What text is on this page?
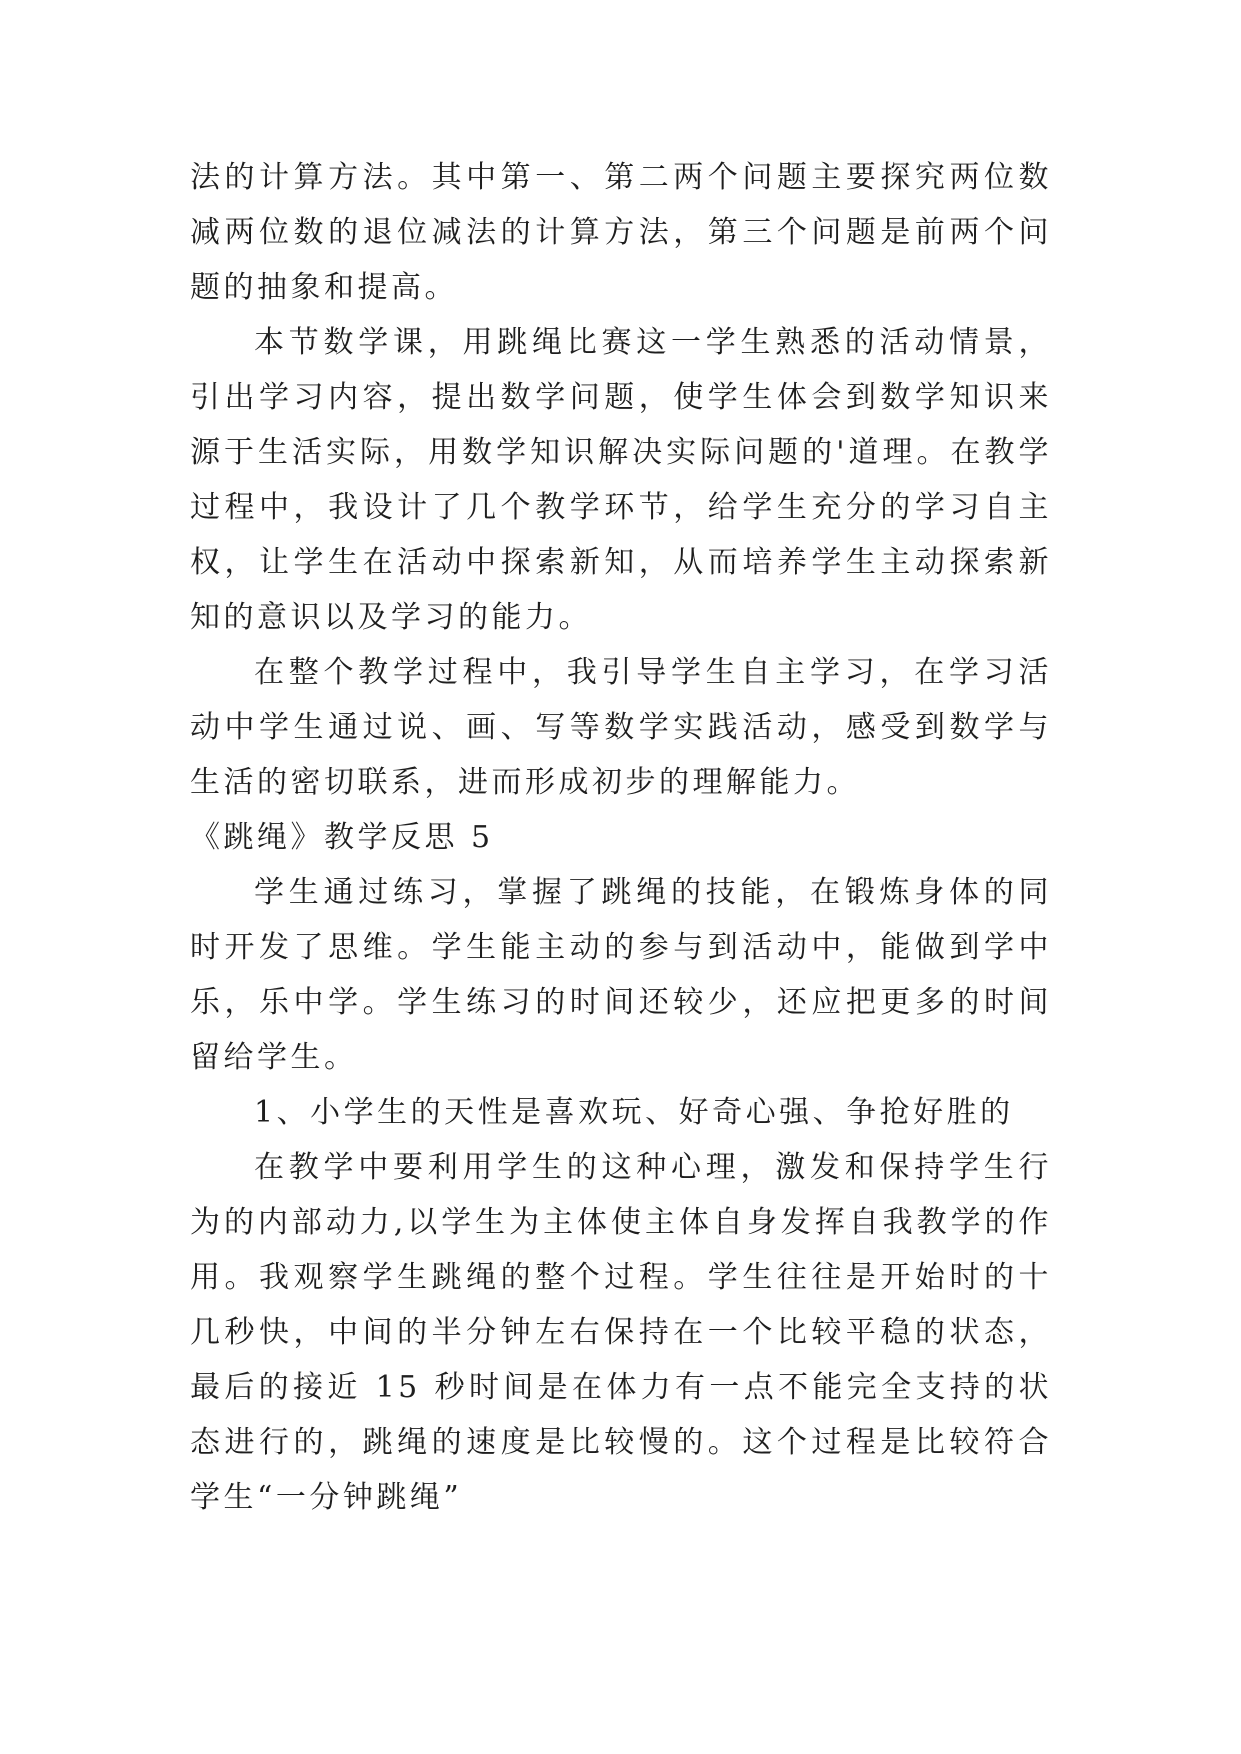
法的计算方法。其中第一、第二两个问题主要探究两位数减两位数的退位减法的计算方法，第三个问题是前两个问题的抽象和提高。

本节数学课，用跳绳比赛这一学生熟悉的活动情景，引出学习内容，提出数学问题，使学生体会到数学知识来源于生活实际，用数学知识解决实际问题的'道理。在教学过程中，我设计了几个教学环节，给学生充分的学习自主权，让学生在活动中探索新知，从而培养学生主动探索新知的意识以及学习的能力。

在整个教学过程中，我引导学生自主学习，在学习活动中学生通过说、画、写等数学实践活动，感受到数学与生活的密切联系，进而形成初步的理解能力。

《跳绳》教学反思 5

学生通过练习，掌握了跳绳的技能，在锻炼身体的同时开发了思维。学生能主动的参与到活动中，能做到学中乐，乐中学。学生练习的时间还较少，还应把更多的时间留给学生。

1、小学生的天性是喜欢玩、好奇心强、争抢好胜的

在教学中要利用学生的这种心理，激发和保持学生行为的内部动力,以学生为主体使主体自身发挥自我教学的作用。我观察学生跳绳的整个过程。学生往往是开始时的十几秒快，中间的半分钟左右保持在一个比较平稳的状态，最后的接近 15 秒时间是在体力有一点不能完全支持的状态进行的，跳绳的速度是比较慢的。这个过程是比较符合学生“一分钟跳绳”
